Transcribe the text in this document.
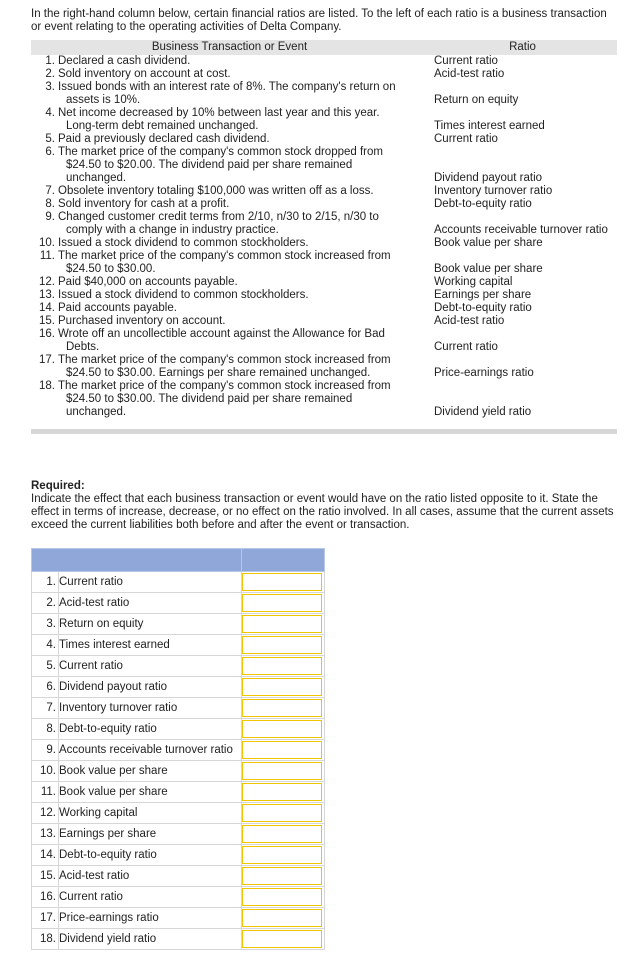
In the right-hand column below, certain financial ratios are listed. To the left of each ratio is a business transaction or event relating to the operating activities of Delta Company.

Business Transaction or Event		Ratio
1.	Declared a cash dividend.	Current ratio
2.	Sold inventory on account at cost.	Acid-test ratio
3.	Issued bonds with an interest rate of 8%. The company's return on
assets is 10%.	Return on equity
4.	Net income decreased by 10% between last year and this year.
Long-term debt remained unchanged.	Times interest earned
5.	Paid a previously declared cash dividend.	Current ratio
6.	The market price of the company's common stock dropped from
$24.50 to $20.00. The dividend paid per share remained
unchanged.	Dividend payout ratio
7.	Obsolete inventory totaling $100,000 was written off as a loss.	Inventory turnover ratio
8.	Sold inventory for cash at a profit.	Debt-to-equity ratio
9.	Changed customer credit terms from 2/10, n/30 to 2/15, n/30 to
comply with a change in industry practice.	Accounts receivable turnover ratio
10.	Issued a stock dividend to common stockholders.	Book value per share
11.	The market price of the company's common stock increased from
$24.50 to $30.00.	Book value per share
12.	Paid $40,000 on accounts payable.	Working capital
13.	Issued a stock dividend to common stockholders.	Earnings per share
14.	Paid accounts payable.	Debt-to-equity ratio
15.	Purchased inventory on account.	Acid-test ratio
16.	Wrote off an uncollectible account against the Allowance for Bad
Debts.	Current ratio
17.	The market price of the company's common stock increased from
$24.50 to $30.00. Earnings per share remained unchanged.	Price-earnings ratio
18.	The market price of the company's common stock increased from
$24.50 to $30.00. The dividend paid per share remained
unchanged.	Dividend yield ratio
Required:
Indicate the effect that each business transaction or event would have on the ratio listed opposite to it. State the effect in terms of increase, decrease, or no effect on the ratio involved. In all cases, assume that the current assets exceed the current liabilities both before and after the event or transaction.

1.	Current ratio	

2.	Acid-test ratio	

3.	Return on equity	

4.	Times interest earned	

5.	Current ratio	

6.	Dividend payout ratio	

7.	Inventory turnover ratio	

8.	Debt-to-equity ratio	

9.	Accounts receivable turnover ratio	

10.	Book value per share	

11.	Book value per share	

12.	Working capital	

13.	Earnings per share	

14.	Debt-to-equity ratio	

15.	Acid-test ratio	

16.	Current ratio	

17.	Price-earnings ratio	

18.	Dividend yield ratio	
